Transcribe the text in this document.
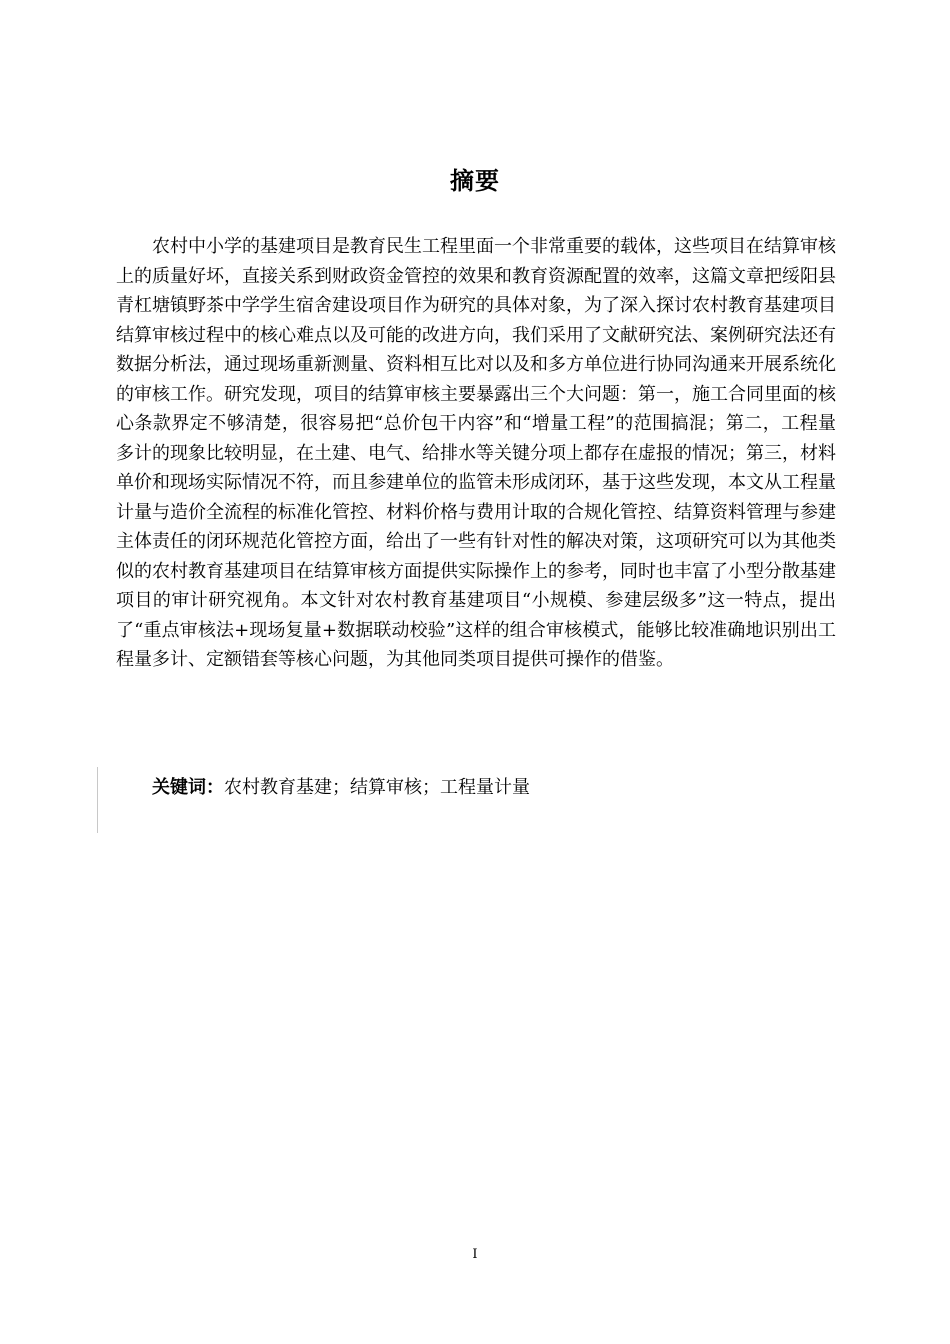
摘要

农村中小学的基建项目是教育民生工程里面一个非常重要的载体，这些项目在结算审核上的质量好坏，直接关系到财政资金管控的效果和教育资源配置的效率，这篇文章把绥阳县青杠塘镇野茶中学学生宿舍建设项目作为研究的具体对象，为了深入探讨农村教育基建项目结算审核过程中的核心难点以及可能的改进方向，我们采用了文献研究法、案例研究法还有数据分析法，通过现场重新测量、资料相互比对以及和多方单位进行协同沟通来开展系统化的审核工作。研究发现，项目的结算审核主要暴露出三个大问题：第一，施工合同里面的核心条款界定不够清楚，很容易把“总价包干内容”和“增量工程”的范围搞混；第二，工程量多计的现象比较明显，在土建、电气、给排水等关键分项上都存在虚报的情况；第三，材料单价和现场实际情况不符，而且参建单位的监管未形成闭环，基于这些发现，本文从工程量计量与造价全流程的标准化管控、材料价格与费用计取的合规化管控、结算资料管理与参建主体责任的闭环规范化管控方面，给出了一些有针对性的解决对策，这项研究可以为其他类似的农村教育基建项目在结算审核方面提供实际操作上的参考，同时也丰富了小型分散基建项目的审计研究视角。本文针对农村教育基建项目“小规模、参建层级多”这一特点，提出了“重点审核法+现场复量+数据联动校验”这样的组合审核模式，能够比较准确地识别出工程量多计、定额错套等核心问题，为其他同类项目提供可操作的借鉴。

关键词：农村教育基建；结算审核；工程量计量
I
